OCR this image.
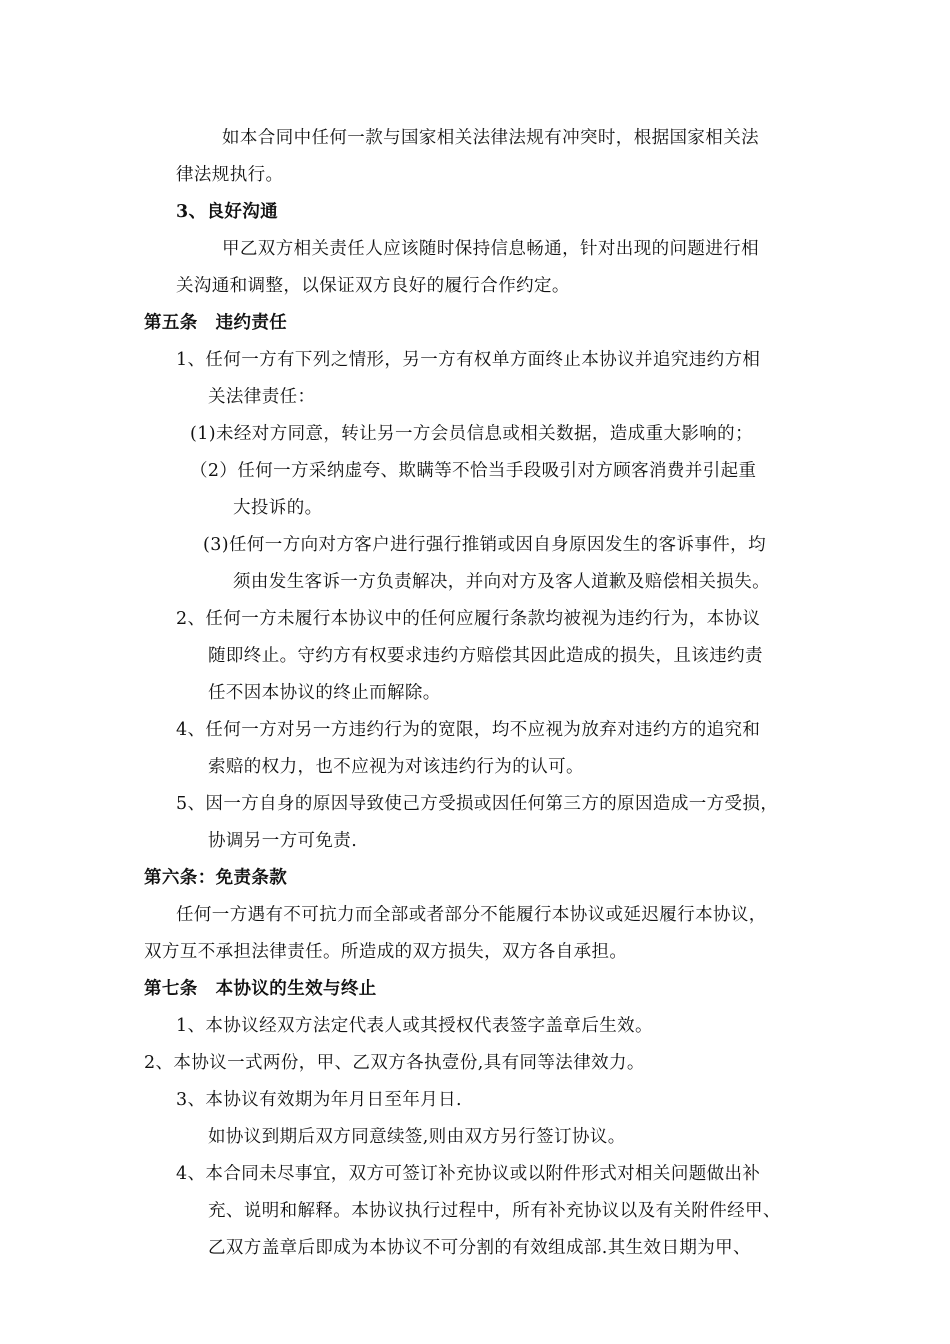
如本合同中任何一款与国家相关法律法规有冲突时，根据国家相关法
律法规执行。
3、良好沟通
甲乙双方相关责任人应该随时保持信息畅通，针对出现的问题进行相
关沟通和调整，以保证双方良好的履行合作约定。
第五条　违约责任
1、任何一方有下列之情形，另一方有权单方面终止本协议并追究违约方相
关法律责任：
(1)未经对方同意，转让另一方会员信息或相关数据，造成重大影响的；
（2）任何一方采纳虚夸、欺瞒等不恰当手段吸引对方顾客消费并引起重
大投诉的。
(3)任何一方向对方客户进行强行推销或因自身原因发生的客诉事件，均
须由发生客诉一方负责解决，并向对方及客人道歉及赔偿相关损失。
2、任何一方未履行本协议中的任何应履行条款均被视为违约行为，本协议
随即终止。守约方有权要求违约方赔偿其因此造成的损失，且该违约责
任不因本协议的终止而解除。
4、任何一方对另一方违约行为的宽限，均不应视为放弃对违约方的追究和
索赔的权力，也不应视为对该违约行为的认可。
5、因一方自身的原因导致使己方受损或因任何第三方的原因造成一方受损，
协调另一方可免责.
第六条：免责条款
任何一方遇有不可抗力而全部或者部分不能履行本协议或延迟履行本协议，
双方互不承担法律责任。所造成的双方损失，双方各自承担。
第七条　本协议的生效与终止
1、本协议经双方法定代表人或其授权代表签字盖章后生效。
2、本协议一式两份，甲、乙双方各执壹份,具有同等法律效力。
3、本协议有效期为年月日至年月日.
如协议到期后双方同意续签,则由双方另行签订协议。
4、本合同未尽事宜，双方可签订补充协议或以附件形式对相关问题做出补
充、说明和解释。本协议执行过程中，所有补充协议以及有关附件经甲、
乙双方盖章后即成为本协议不可分割的有效组成部.其生效日期为甲、
